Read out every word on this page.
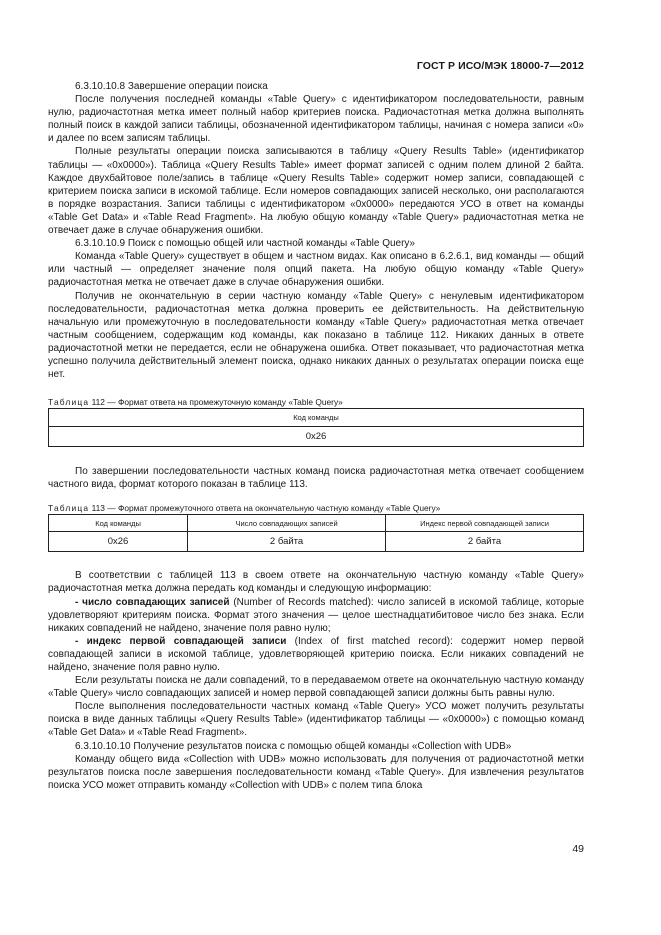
ГОСТ Р ИСО/МЭК 18000-7—2012

6.3.10.10.8 Завершение операции поиска

После получения последней команды «Table Query» с идентификатором последовательности, равным нулю, радиочастотная метка имеет полный набор критериев поиска. Радиочастотная метка должна выполнять полный поиск в каждой записи таблицы, обозначенной идентификатором таблицы, начиная с номера записи «0» и далее по всем записям таблицы.

Полные результаты операции поиска записываются в таблицу «Query Results Table» (идентификатор таблицы — «0x0000»). Таблица «Query Results Table» имеет формат записей с одним полем длиной 2 байта. Каждое двухбайтовое поле/запись в таблице «Query Results Table» содержит номер записи, совпадающей с критерием поиска записи в искомой таблице. Если номеров совпадающих записей несколько, они располагаются в порядке возрастания. Записи таблицы с идентификатором «0x0000» передаются УСО в ответ на команды «Table Get Data» и «Table Read Fragment». На любую общую команду «Table Query» радиочастотная метка не отвечает даже в случае обнаружения ошибки.

6.3.10.10.9 Поиск с помощью общей или частной команды «Table Query»

Команда «Table Query» существует в общем и частном видах. Как описано в 6.2.6.1, вид команды — общий или частный — определяет значение поля опций пакета. На любую общую команду «Table Query» радиочастотная метка не отвечает даже в случае обнаружения ошибки.

Получив не окончательную в серии частную команду «Table Query» с ненулевым идентификатором последовательности, радиочастотная метка должна проверить ее действительность. На действительную начальную или промежуточную в последовательности команду «Table Query» радиочастотная метка отвечает частным сообщением, содержащим код команды, как показано в таблице 112. Никаких данных в ответе радиочастотной метки не передается, если не обнаружена ошибка. Ответ показывает, что радиочастотная метка успешно получила действительный элемент поиска, однако никаких данных о результатах операции поиска еще нет.

Таблица 112 — Формат ответа на промежуточную команду «Table Query»

Код команды
0x26

По завершении последовательности частных команд поиска радиочастотная метка отвечает сообщением частного вида, формат которого показан в таблице 113.

Таблица 113 — Формат промежуточного ответа на окончательную частную команду «Table Query»

Код команды	Число совпадающих записей	Индекс первой совпадающей записи
0x26	2 байта	2 байта

В соответствии с таблицей 113 в своем ответе на окончательную частную команду «Table Query» радиочастотная метка должна передать код команды и следующую информацию:

- число совпадающих записей (Number of Records matched): число записей в искомой таблице, которые удовлетворяют критериям поиска. Формат этого значения — целое шестнадцатибитовое число без знака. Если никаких совпадений не найдено, значение поля равно нулю;

- индекс первой совпадающей записи (Index of first matched record): содержит номер первой совпадающей записи в искомой таблице, удовлетворяющей критерию поиска. Если никаких совпадений не найдено, значение поля равно нулю.

Если результаты поиска не дали совпадений, то в передаваемом ответе на окончательную частную команду «Table Query» число совпадающих записей и номер первой совпадающей записи должны быть равны нулю.

После выполнения последовательности частных команд «Table Query» УСО может получить результаты поиска в виде данных таблицы «Query Results Table» (идентификатор таблицы — «0x0000») с помощью команд «Table Get Data» и «Table Read Fragment».

6.3.10.10.10 Получение результатов поиска с помощью общей команды «Collection with UDB»

Команду общего вида «Collection with UDB» можно использовать для получения от радиочастотной метки результатов поиска после завершения последовательности команд «Table Query». Для извлечения результатов поиска УСО может отправить команду «Collection with UDB» с полем типа блока

49
